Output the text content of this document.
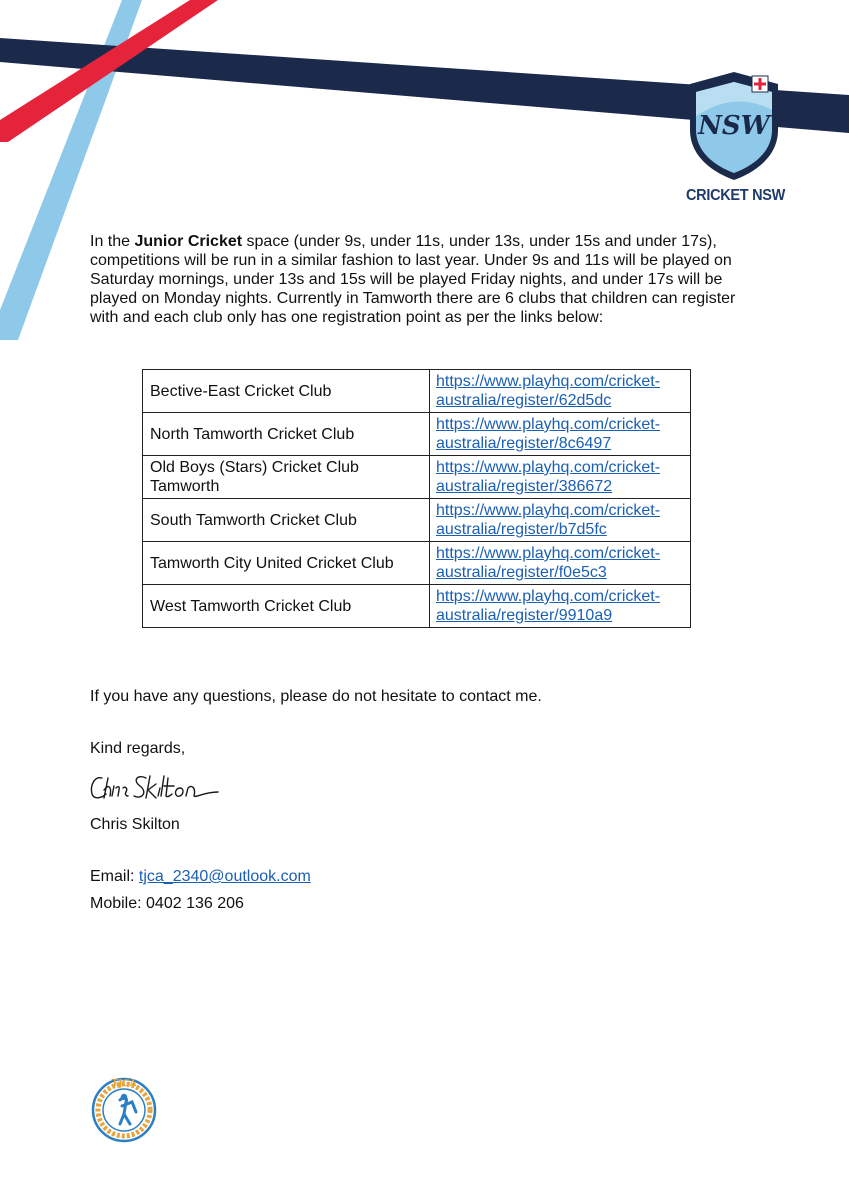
NSW
CRICKET NSW

In the Junior Cricket space (under 9s, under 11s, under 13s, under 15s and under 17s), competitions will be run in a similar fashion to last year. Under 9s and 11s will be played on Saturday mornings, under 13s and 15s will be played Friday nights, and under 17s will be played on Monday nights. Currently in Tamworth there are 6 clubs that children can register with and each club only has one registration point as per the links below:

Bective-East Cricket Club	https://www.playhq.com/cricket-australia/register/62d5dc
North Tamworth Cricket Club	https://www.playhq.com/cricket-australia/register/8c6497
Old Boys (Stars) Cricket Club Tamworth	https://www.playhq.com/cricket-australia/register/386672
South Tamworth Cricket Club	https://www.playhq.com/cricket-australia/register/b7d5fc
Tamworth City United Cricket Club	https://www.playhq.com/cricket-australia/register/f0e5c3
West Tamworth Cricket Club	https://www.playhq.com/cricket-australia/register/9910a9

If you have any questions, please do not hesitate to contact me.

Kind regards,

Chris Skilton

Email: tjca_2340@outlook.com

Mobile: 0402 136 206

TJCA
